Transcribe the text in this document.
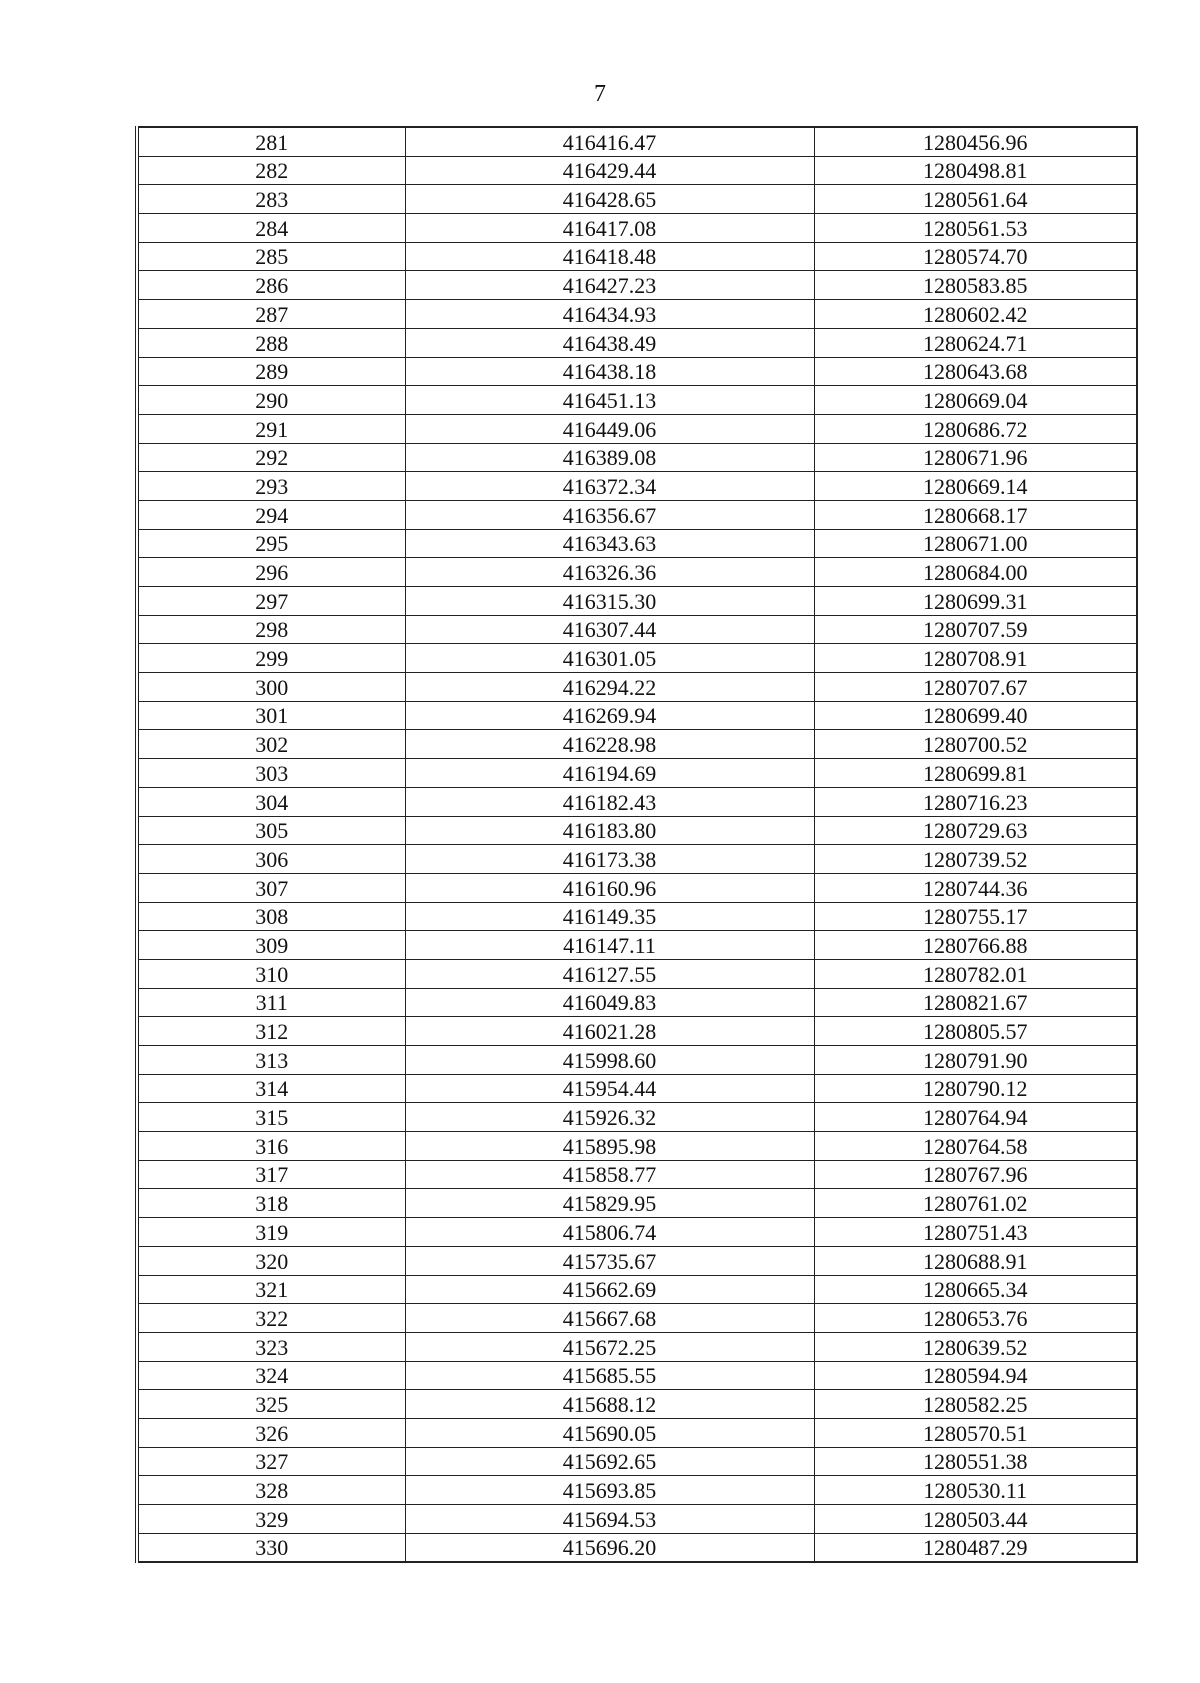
7
281	416416.47	1280456.96
282	416429.44	1280498.81
283	416428.65	1280561.64
284	416417.08	1280561.53
285	416418.48	1280574.70
286	416427.23	1280583.85
287	416434.93	1280602.42
288	416438.49	1280624.71
289	416438.18	1280643.68
290	416451.13	1280669.04
291	416449.06	1280686.72
292	416389.08	1280671.96
293	416372.34	1280669.14
294	416356.67	1280668.17
295	416343.63	1280671.00
296	416326.36	1280684.00
297	416315.30	1280699.31
298	416307.44	1280707.59
299	416301.05	1280708.91
300	416294.22	1280707.67
301	416269.94	1280699.40
302	416228.98	1280700.52
303	416194.69	1280699.81
304	416182.43	1280716.23
305	416183.80	1280729.63
306	416173.38	1280739.52
307	416160.96	1280744.36
308	416149.35	1280755.17
309	416147.11	1280766.88
310	416127.55	1280782.01
311	416049.83	1280821.67
312	416021.28	1280805.57
313	415998.60	1280791.90
314	415954.44	1280790.12
315	415926.32	1280764.94
316	415895.98	1280764.58
317	415858.77	1280767.96
318	415829.95	1280761.02
319	415806.74	1280751.43
320	415735.67	1280688.91
321	415662.69	1280665.34
322	415667.68	1280653.76
323	415672.25	1280639.52
324	415685.55	1280594.94
325	415688.12	1280582.25
326	415690.05	1280570.51
327	415692.65	1280551.38
328	415693.85	1280530.11
329	415694.53	1280503.44
330	415696.20	1280487.29
